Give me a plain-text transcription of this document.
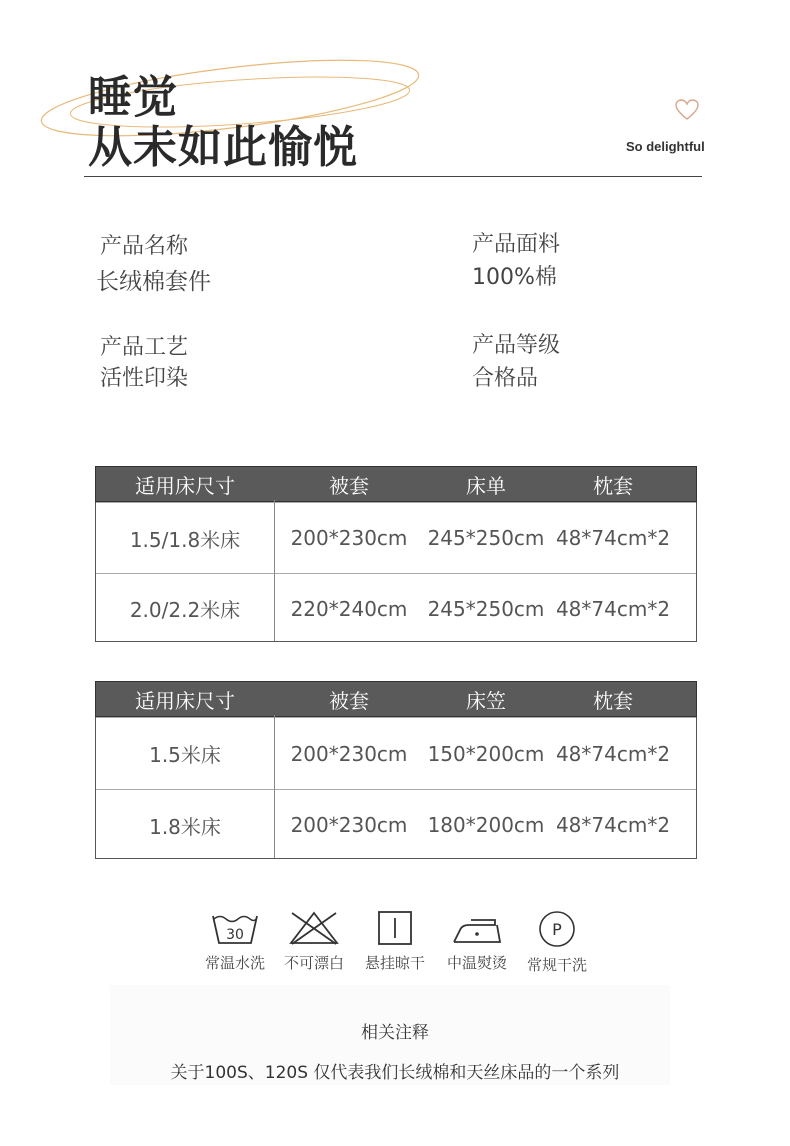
睡觉
从未如此愉悦	So delightful
产品名称
长绒棉套件
产品面料
100%棉
产品工艺
活性印染
产品等级
合格品
适用床尺寸	被套	床单	枕套
1.5/1.8米床	200*230cm	245*250cm 48*74cm*2
2.0/2.2米床	220*240cm	245*250cm 48*74cm*2
适用床尺寸	被套	床笠	枕套
1.5米床	200*230cm	150*200cm 48*74cm*2
1.8米床	200*230cm	180*200cm 48*74cm*2
30
常温水洗	不可漂白	悬挂晾干	中温熨烫
P
常规干洗
相关注释
关于100S、120S 仅代表我们长绒棉和天丝床品的一个系列
